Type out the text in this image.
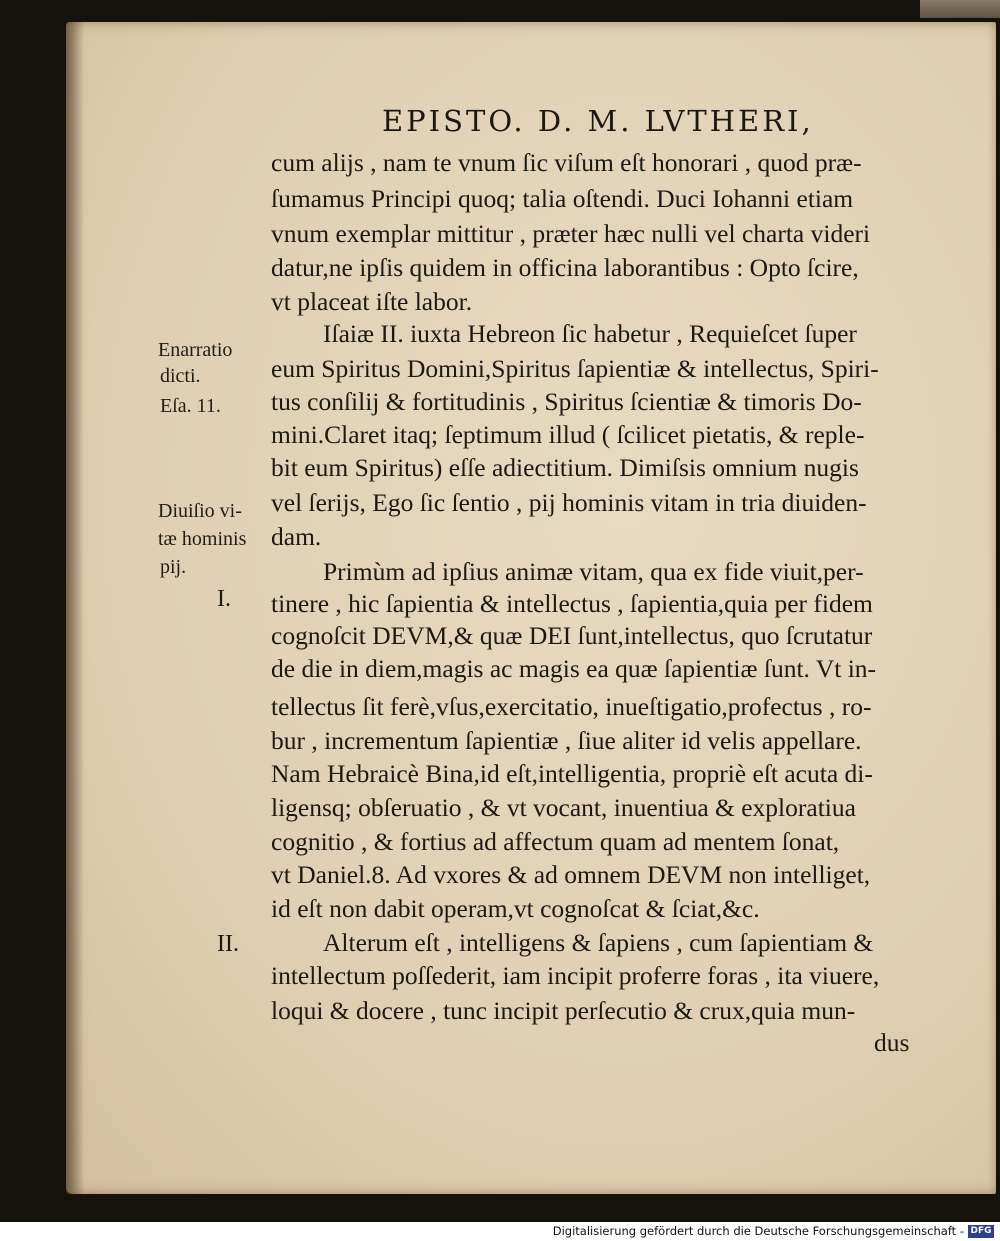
EPISTO. D. M. LVTHERI,
cum alijs , nam te vnum ſic viſum eſt honorari , quod præ-
ſumamus Principi quoq; talia oſtendi. Duci Iohanni etiam
vnum exemplar mittitur , præter hæc nulli vel charta videri
datur,ne ipſis quidem in officina laborantibus : Opto ſcire,
vt placeat iſte labor.
Iſaiæ II. iuxta Hebreon ſic habetur , Requieſcet ſuper
eum Spiritus Domini,Spiritus ſapientiæ & intellectus, Spiri-
tus conſilij & fortitudinis , Spiritus ſcientiæ & timoris Do-
mini.Claret itaq; ſeptimum illud ( ſcilicet pietatis, & reple-
bit eum Spiritus) eſſe adiectitium. Dimiſsis omnium nugis
vel ſerijs, Ego ſic ſentio , pij hominis vitam in tria diuiden-
dam.
Primùm ad ipſius animæ vitam, qua ex fide viuit,per-
tinere , hic ſapientia & intellectus , ſapientia,quia per fidem
cognoſcit DEVM,& quæ DEI ſunt,intellectus, quo ſcrutatur
de die in diem,magis ac magis ea quæ ſapientiæ ſunt. Vt in-
tellectus ſit ferè,vſus,exercitatio, inueſtigatio,profectus , ro-
bur , incrementum ſapientiæ , ſiue aliter id velis appellare.
Nam Hebraicè Bina,id eſt,intelligentia, propriè eſt acuta di-
ligensq; obſeruatio , & vt vocant, inuentiua & exploratiua
cognitio , & fortius ad affectum quam ad mentem ſonat,
vt Daniel.8. Ad vxores & ad omnem DEVM non intelliget,
id eſt non dabit operam,vt cognoſcat & ſciat,&c.
Alterum eſt , intelligens & ſapiens , cum ſapientiam &
intellectum poſſederit, iam incipit proferre foras , ita viuere,
loqui & docere , tunc incipit perſecutio & crux,quia mun-
dus
Enarratio
dicti.
Eſa. 11.
Diuiſio vi-
tæ hominis
pij.
I.
II.
Digitalisierung gefördert durch die Deutsche Forschungsgemeinschaft - DFG
